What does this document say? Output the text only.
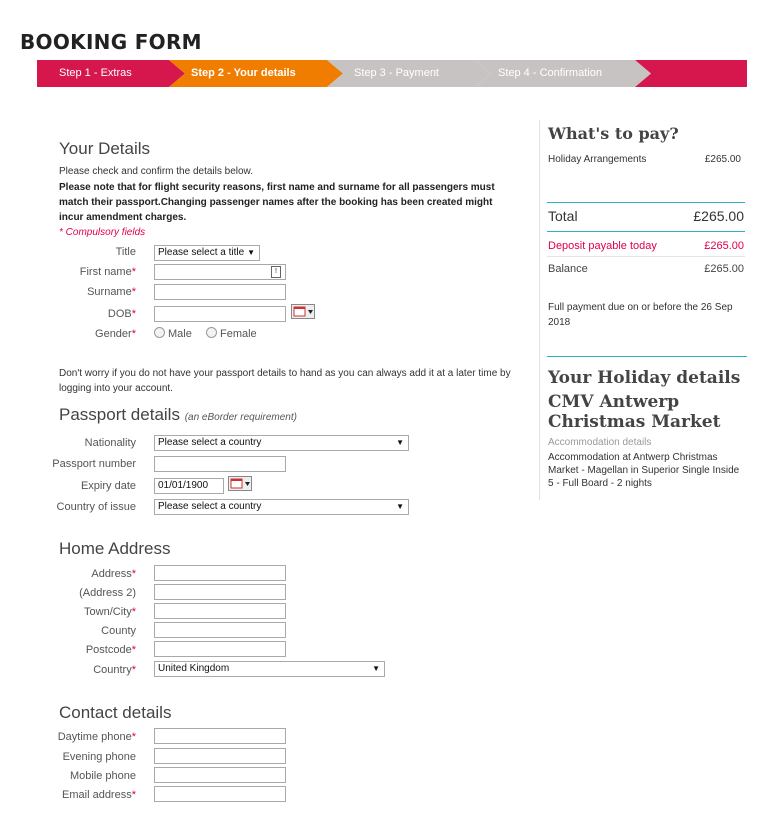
BOOKING FORM
Step 1 - Extras	Step 2 - Your details	Step 3 - Payment	Step 4 - Confirmation
Your Details
Please check and confirm the details below.
Please note that for flight security reasons, first name and surname for all passengers must match their passport.Changing passenger names after the booking has been created might incur amendment charges.
* Compulsory fields
Title	Please select a title ▼
First name*	!
Surname*
DOB*
Gender*	Male	Female
Don't worry if you do not have your passport details to hand as you can always add it at a later time by logging into your account.
Passport details (an eBorder requirement)
Nationality	Please select a country	▼
Passport number
Expiry date	01/01/1900
Country of issue	Please select a country	▼
Home Address
Address*
(Address 2)
Town/City*
County
Postcode*
Country*	United Kingdom	▼
Contact details
Daytime phone*
Evening phone
Mobile phone
Email address*
What's to pay?
Holiday Arrangements	£265.00
Total	£265.00
Deposit payable today	£265.00
Balance	£265.00
Full payment due on or before the 26 Sep 2018
Your Holiday details
CMV Antwerp Christmas Market
Accommodation details
Accommodation at Antwerp Christmas Market - Magellan in Superior Single Inside 5 - Full Board - 2 nights
